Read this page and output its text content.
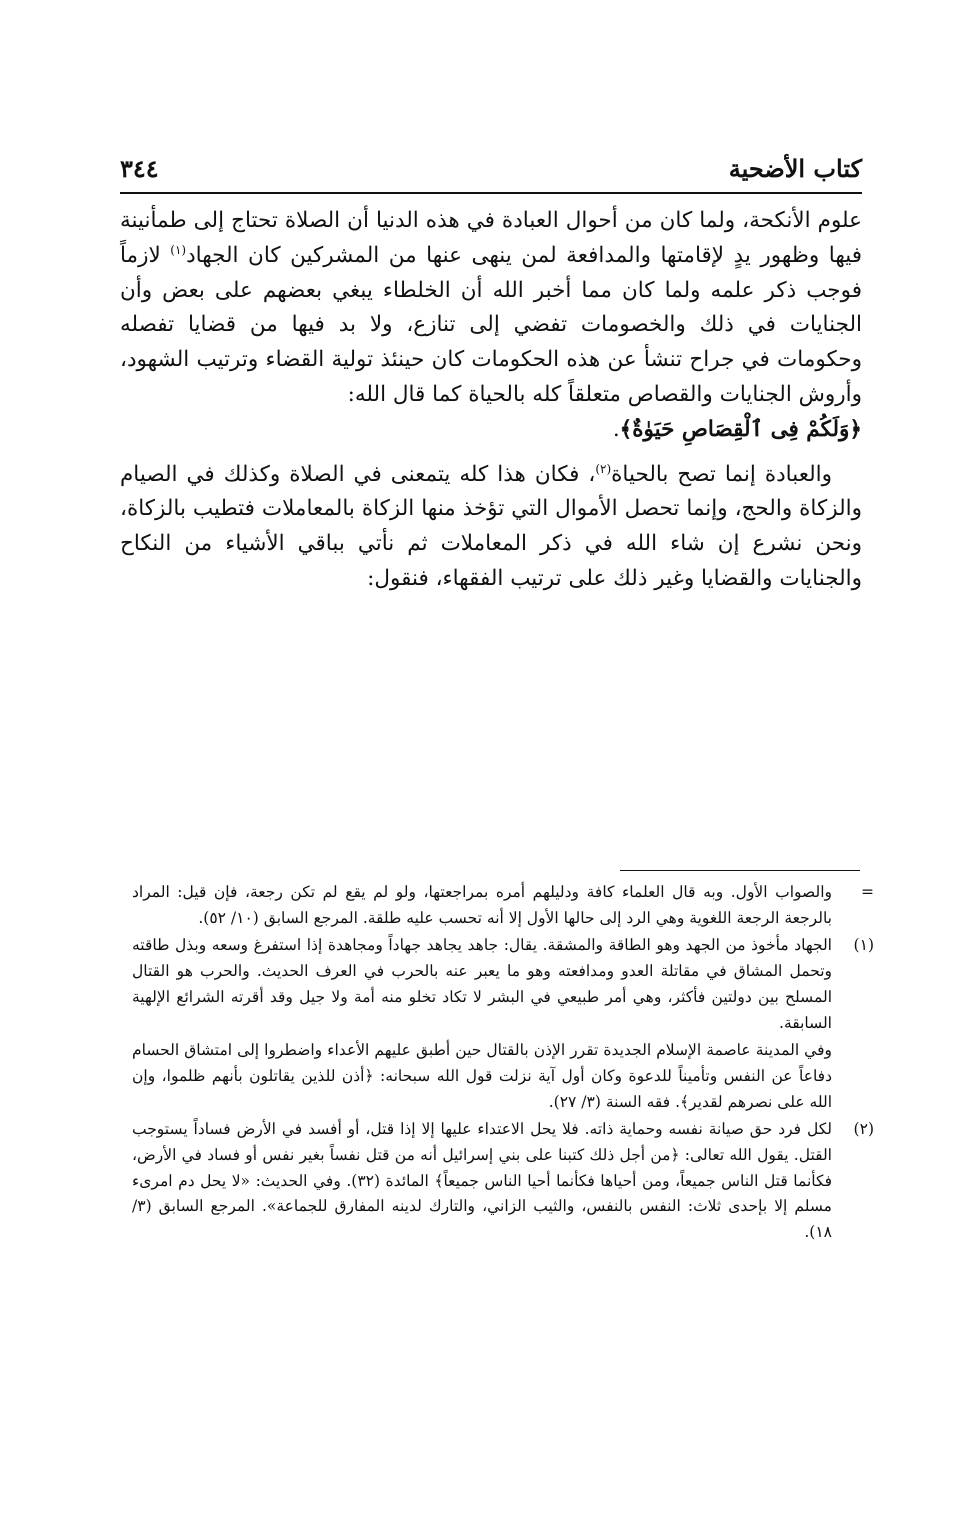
كتاب الأضحية
٣٤٤

علوم الأنكحة، ولما كان من أحوال العبادة في هذه الدنيا أن الصلاة تحتاج إلى طمأنينة فيها وظهور يدٍ لإقامتها والمدافعة لمن ينهى عنها من المشركين كان الجهاد$^{(١)}$ لازماً فوجب ذكر علمه ولما كان مما أخبر الله أن الخلطاء يبغي بعضهم على بعض وأن الجنايات في ذلك والخصومات تفضي إلى تنازع، ولا بد فيها من قضايا تفصله وحكومات في جراح تنشأ عن هذه الحكومات كان حينئذ تولية القضاء وترتيب الشهود، وأروش الجنايات والقصاص متعلقاً كله بالحياة كما قال الله:
﴿وَلَكُمْ فِى ٱلْقِصَاصِ حَيَوٰةٌ﴾.

والعبادة إنما تصح بالحياة$^{(٢)}$، فكان هذا كله يتمعنى في الصلاة وكذلك في الصيام والزكاة والحج، وإنما تحصل الأموال التي تؤخذ منها الزكاة بالمعاملات فتطيب بالزكاة، ونحن نشرع إن شاء الله في ذكر المعاملات ثم نأتي بباقي الأشياء من النكاح والجنايات والقضايا وغير ذلك على ترتيب الفقهاء، فنقول:

=

والصواب الأول. وبه قال العلماء كافة ودليلهم أمره بمراجعتها، ولو لم يقع لم تكن رجعة، فإن قيل: المراد بالرجعة الرجعة اللغوية وهي الرد إلى حالها الأول إلا أنه تحسب عليه طلقة. المرجع السابق (١٠/ ٥٢).

(١)

الجهاد مأخوذ من الجهد وهو الطاقة والمشقة. يقال: جاهد يجاهد جهاداً ومجاهدة إذا استفرغ وسعه وبذل طاقته وتحمل المشاق في مقاتلة العدو ومدافعته وهو ما يعبر عنه بالحرب في العرف الحديث. والحرب هو القتال المسلح بين دولتين فأكثر، وهي أمر طبيعي في البشر لا تكاد تخلو منه أمة ولا جيل وقد أقرته الشرائع الإلهية السابقة.

وفي المدينة عاصمة الإسلام الجديدة تقرر الإذن بالقتال حين أطبق عليهم الأعداء واضطروا إلى امتشاق الحسام دفاعاً عن النفس وتأميناً للدعوة وكان أول آية نزلت قول الله سبحانه: ﴿أذن للذين يقاتلون بأنهم ظلموا، وإن الله على نصرهم لقدير﴾. فقه السنة (٣/ ٢٧).

(٢)

لكل فرد حق صيانة نفسه وحماية ذاته. فلا يحل الاعتداء عليها إلا إذا قتل، أو أفسد في الأرض فساداً يستوجب القتل. يقول الله تعالى: ﴿من أجل ذلك كتبنا على بني إسرائيل أنه من قتل نفساً بغير نفس أو فساد في الأرض، فكأنما قتل الناس جميعاً، ومن أحياها فكأنما أحيا الناس جميعاً﴾ المائدة (٣٢). وفي الحديث: «لا يحل دم امرىء مسلم إلا بإحدى ثلاث: النفس بالنفس، والثيب الزاني، والتارك لدينه المفارق للجماعة». المرجع السابق (٣/ ١٨).
